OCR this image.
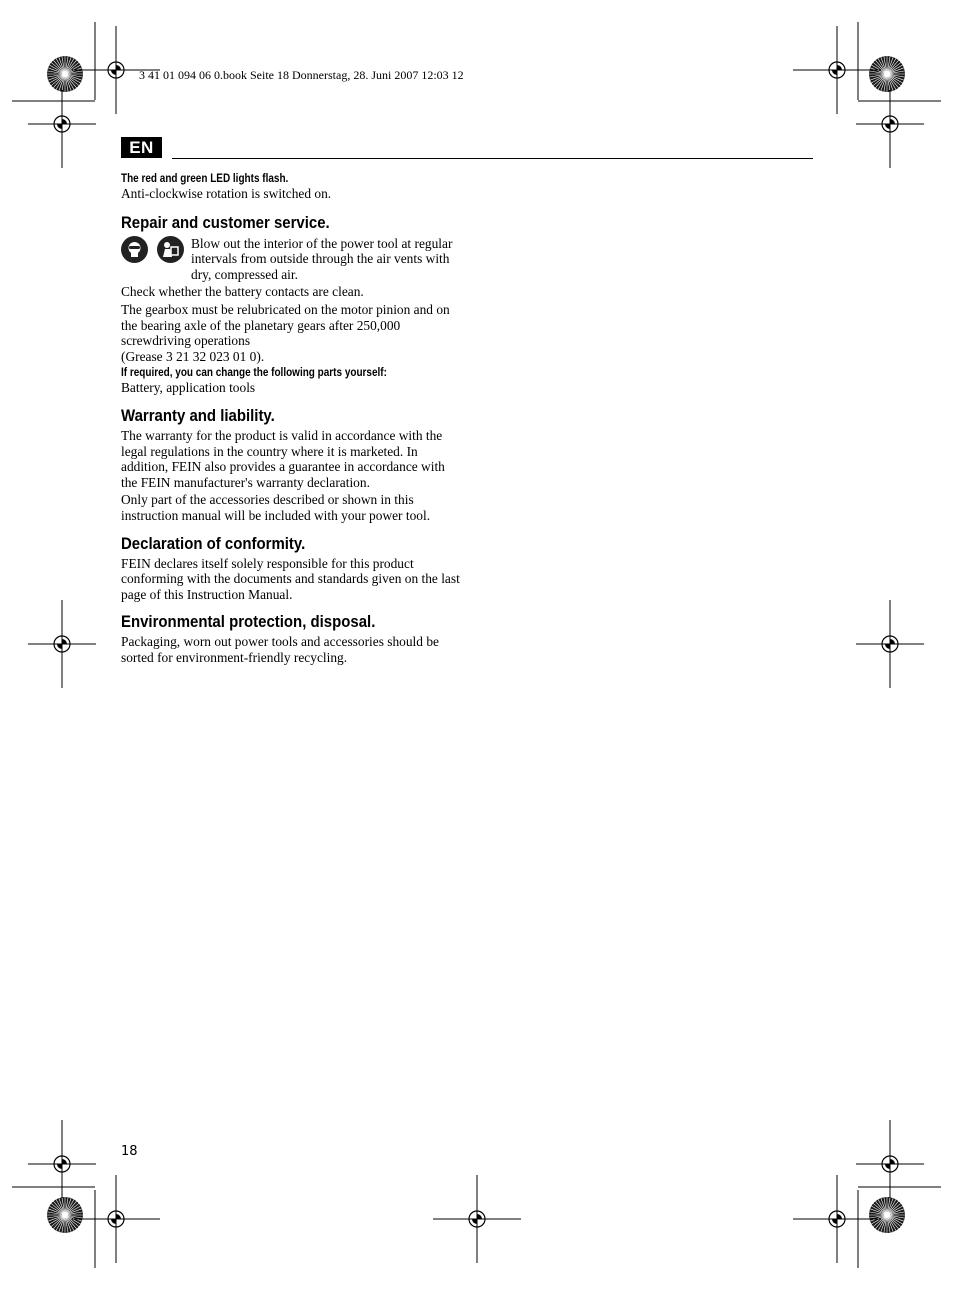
3 41 01 094 06 0.book Seite 18 Donnerstag, 28. Juni 2007 12:03 12
EN
The red and green LED lights flash.

Anti-clockwise rotation is switched on.

Repair and customer service.

Blow out the interior of the power tool at regular intervals from outside through the air vents with dry, compressed air.

Check whether the battery contacts are clean.

The gearbox must be relubricated on the motor pinion and on the bearing axle of the planetary gears after 250,000 screwdriving operations

(Grease 3 21 32 023 01 0).

If required, you can change the following parts yourself:

Battery, application tools

Warranty and liability.

The warranty for the product is valid in accordance with the legal regulations in the country where it is marketed. In addition, FEIN also provides a guarantee in accordance with the FEIN manufacturer's warranty declaration.

Only part of the accessories described or shown in this instruction manual will be included with your power tool.

Declaration of conformity.

FEIN declares itself solely responsible for this product conforming with the documents and standards given on the last page of this Instruction Manual.

Environmental protection, disposal.

Packaging, worn out power tools and accessories should be sorted for environment-friendly recycling.

18
